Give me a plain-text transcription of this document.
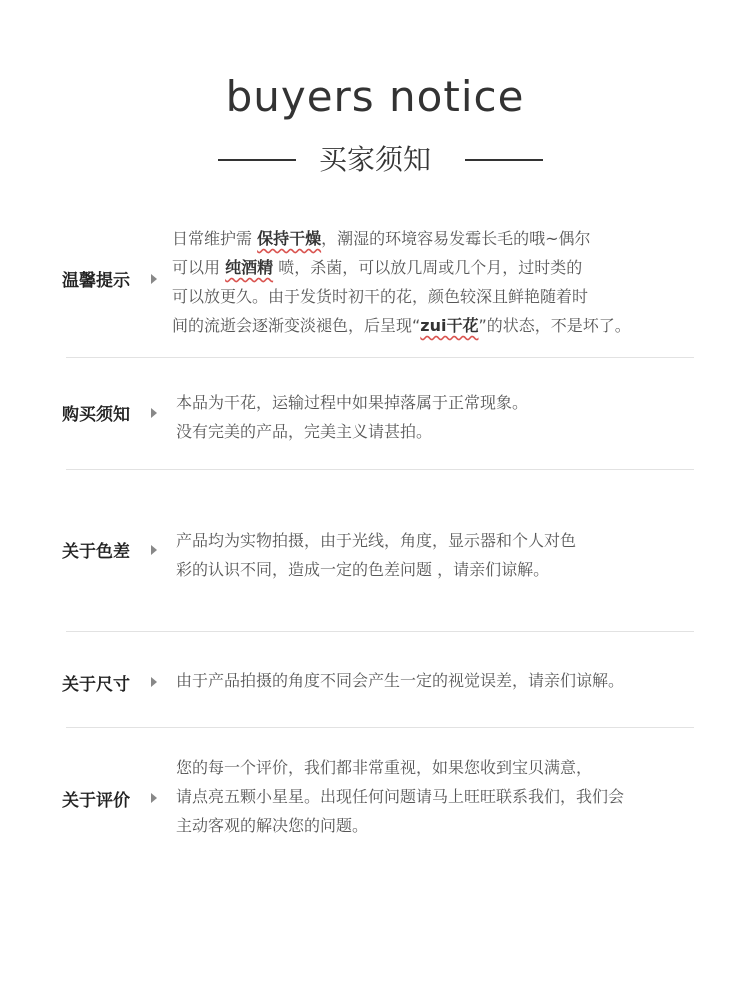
buyers notice
买家须知
温馨提示
日常维护需 保持干燥，潮湿的环境容易发霉长毛的哦~偶尔
可以用 纯酒精 喷，杀菌，可以放几周或几个月，过时类的
可以放更久。由于发货时初干的花，颜色较深且鲜艳随着时
间的流逝会逐渐变淡褪色，后呈现“zui干花”的状态，不是坏了。
购买须知
本品为干花，运输过程中如果掉落属于正常现象。
没有完美的产品，完美主义请甚拍。
关于色差
产品均为实物拍摄，由于光线，角度，显示器和个人对色
彩的认识不同，造成一定的色差问题 ，请亲们谅解。
关于尺寸	由于产品拍摄的角度不同会产生一定的视觉误差，请亲们谅解。
关于评价
您的每一个评价，我们都非常重视，如果您收到宝贝满意，
请点亮五颗小星星。出现任何问题请马上旺旺联系我们，我们会
主动客观的解决您的问题。
